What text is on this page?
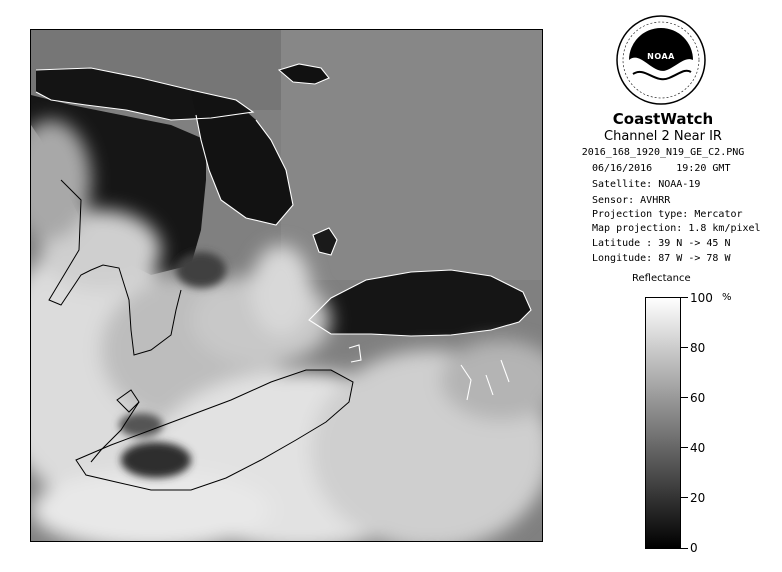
NOAA
CoastWatch
Channel 2 Near IR
2016_168_1920_N19_GE_C2.PNG
06/16/2016    19:20 GMT
Satellite: NOAA-19
Sensor: AVHRR
Projection type: Mercator
Map projection: 1.8 km/pixel
Latitude : 39 N -> 45 N
Longitude: 87 W -> 78 W
Reflectance
%
100
80
60
40
20
0
